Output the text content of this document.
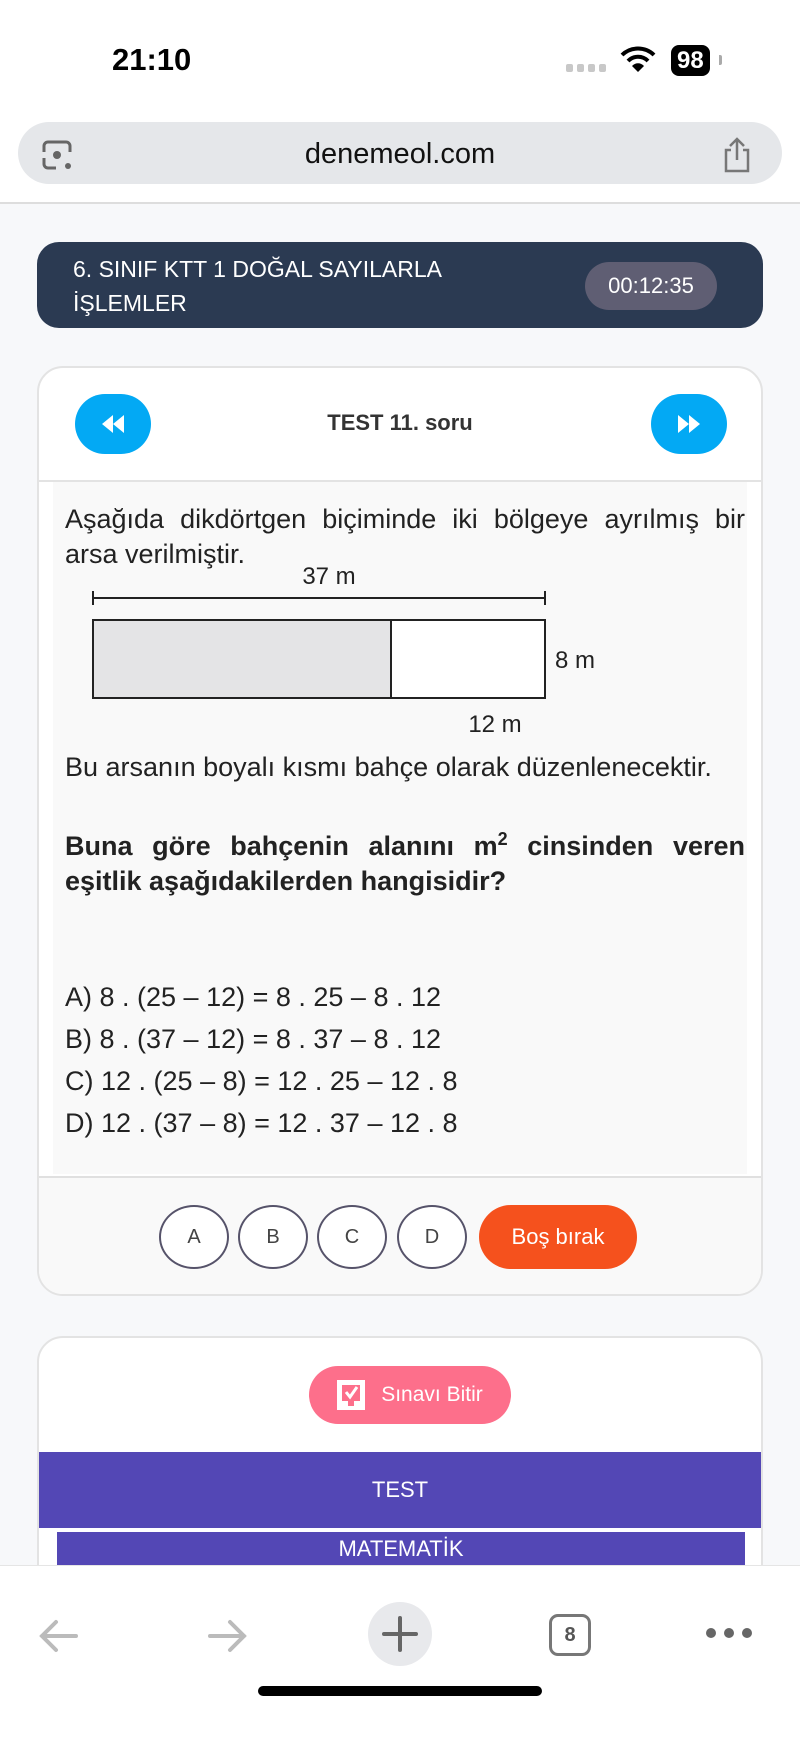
21:10	98
denemeol.com
6. SINIF KTT 1 DOĞAL SAYILARLA İŞLEMLER
00:12:35
TEST 11. soru
Aşağıda dikdörtgen biçiminde iki bölgeye ayrılmış bir arsa verilmiştir.
37 m
8 m
12 m
Bu arsanın boyalı kısmı bahçe olarak düzenlenecektir.
Buna göre bahçenin alanını $m^2$ cinsinden veren eşitlik aşağıdakilerden hangisidir?
A) 8 . (25 – 12) = 8 . 25 – 8 . 12
B) 8 . (37 – 12) = 8 . 37 – 8 . 12
C) 12 . (25 – 8) = 12 . 25 – 12 . 8
D) 12 . (37 – 8) = 12 . 37 – 12 . 8
A	B	C	D	Boş bırak
Sınavı Bitir
TEST
MATEMATİK
8
